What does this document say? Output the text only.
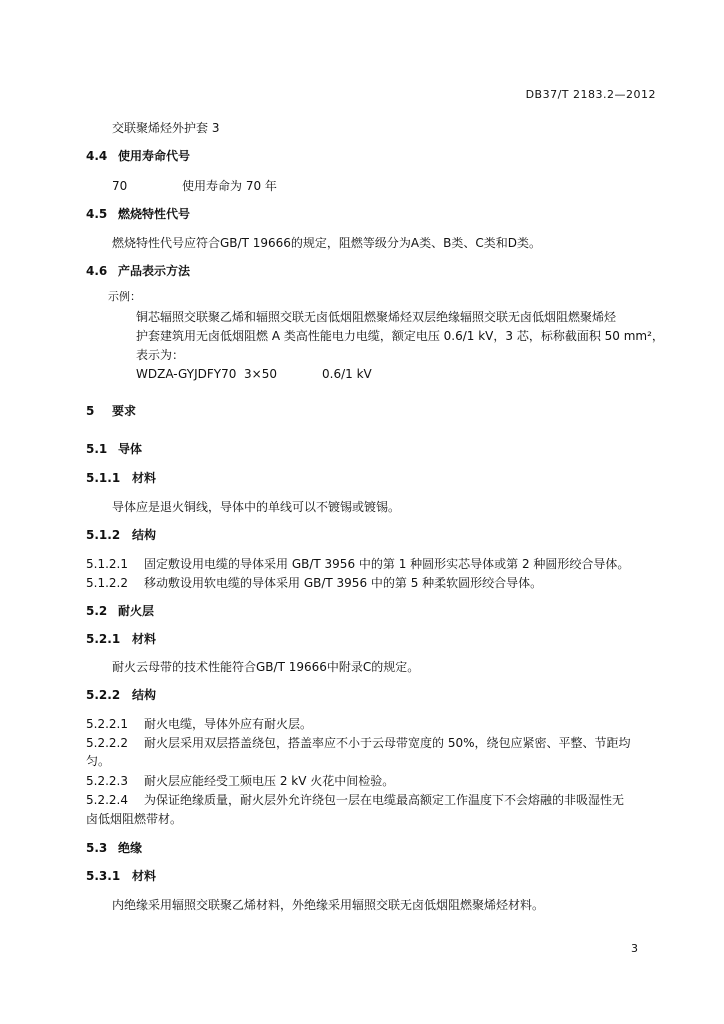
DB37/T 2183.2—2012
交联聚烯烃外护套 3
4.4 使用寿命代号
70	使用寿命为 70 年
4.5 燃烧特性代号
燃烧特性代号应符合GB/T 19666的规定，阻燃等级分为A类、B类、C类和D类。
4.6 产品表示方法
示例：
铜芯辐照交联聚乙烯和辐照交联无卤低烟阻燃聚烯烃双层绝缘辐照交联无卤低烟阻燃聚烯烃
护套建筑用无卤低烟阻燃 A 类高性能电力电缆，额定电压 0.6/1 kV，3 芯，标称截面积 50 mm²，
表示为：
WDZA-GYJDFY70 3×50	0.6/1 kV
5 要求
5.1 导体
5.1.1 材料
导体应是退火铜线，导体中的单线可以不镀锡或镀锡。
5.1.2 结构
5.1.2.1 固定敷设用电缆的导体采用 GB/T 3956 中的第 1 种圆形实芯导体或第 2 种圆形绞合导体。
5.1.2.2 移动敷设用软电缆的导体采用 GB/T 3956 中的第 5 种柔软圆形绞合导体。
5.2 耐火层
5.2.1 材料
耐火云母带的技术性能符合GB/T 19666中附录C的规定。
5.2.2 结构
5.2.2.1 耐火电缆，导体外应有耐火层。
5.2.2.2 耐火层采用双层搭盖绕包，搭盖率应不小于云母带宽度的 50%，绕包应紧密、平整、节距均
匀。
5.2.2.3 耐火层应能经受工频电压 2 kV 火花中间检验。
5.2.2.4 为保证绝缘质量，耐火层外允许绕包一层在电缆最高额定工作温度下不会熔融的非吸湿性无
卤低烟阻燃带材。
5.3 绝缘
5.3.1 材料
内绝缘采用辐照交联聚乙烯材料，外绝缘采用辐照交联无卤低烟阻燃聚烯烃材料。
3
